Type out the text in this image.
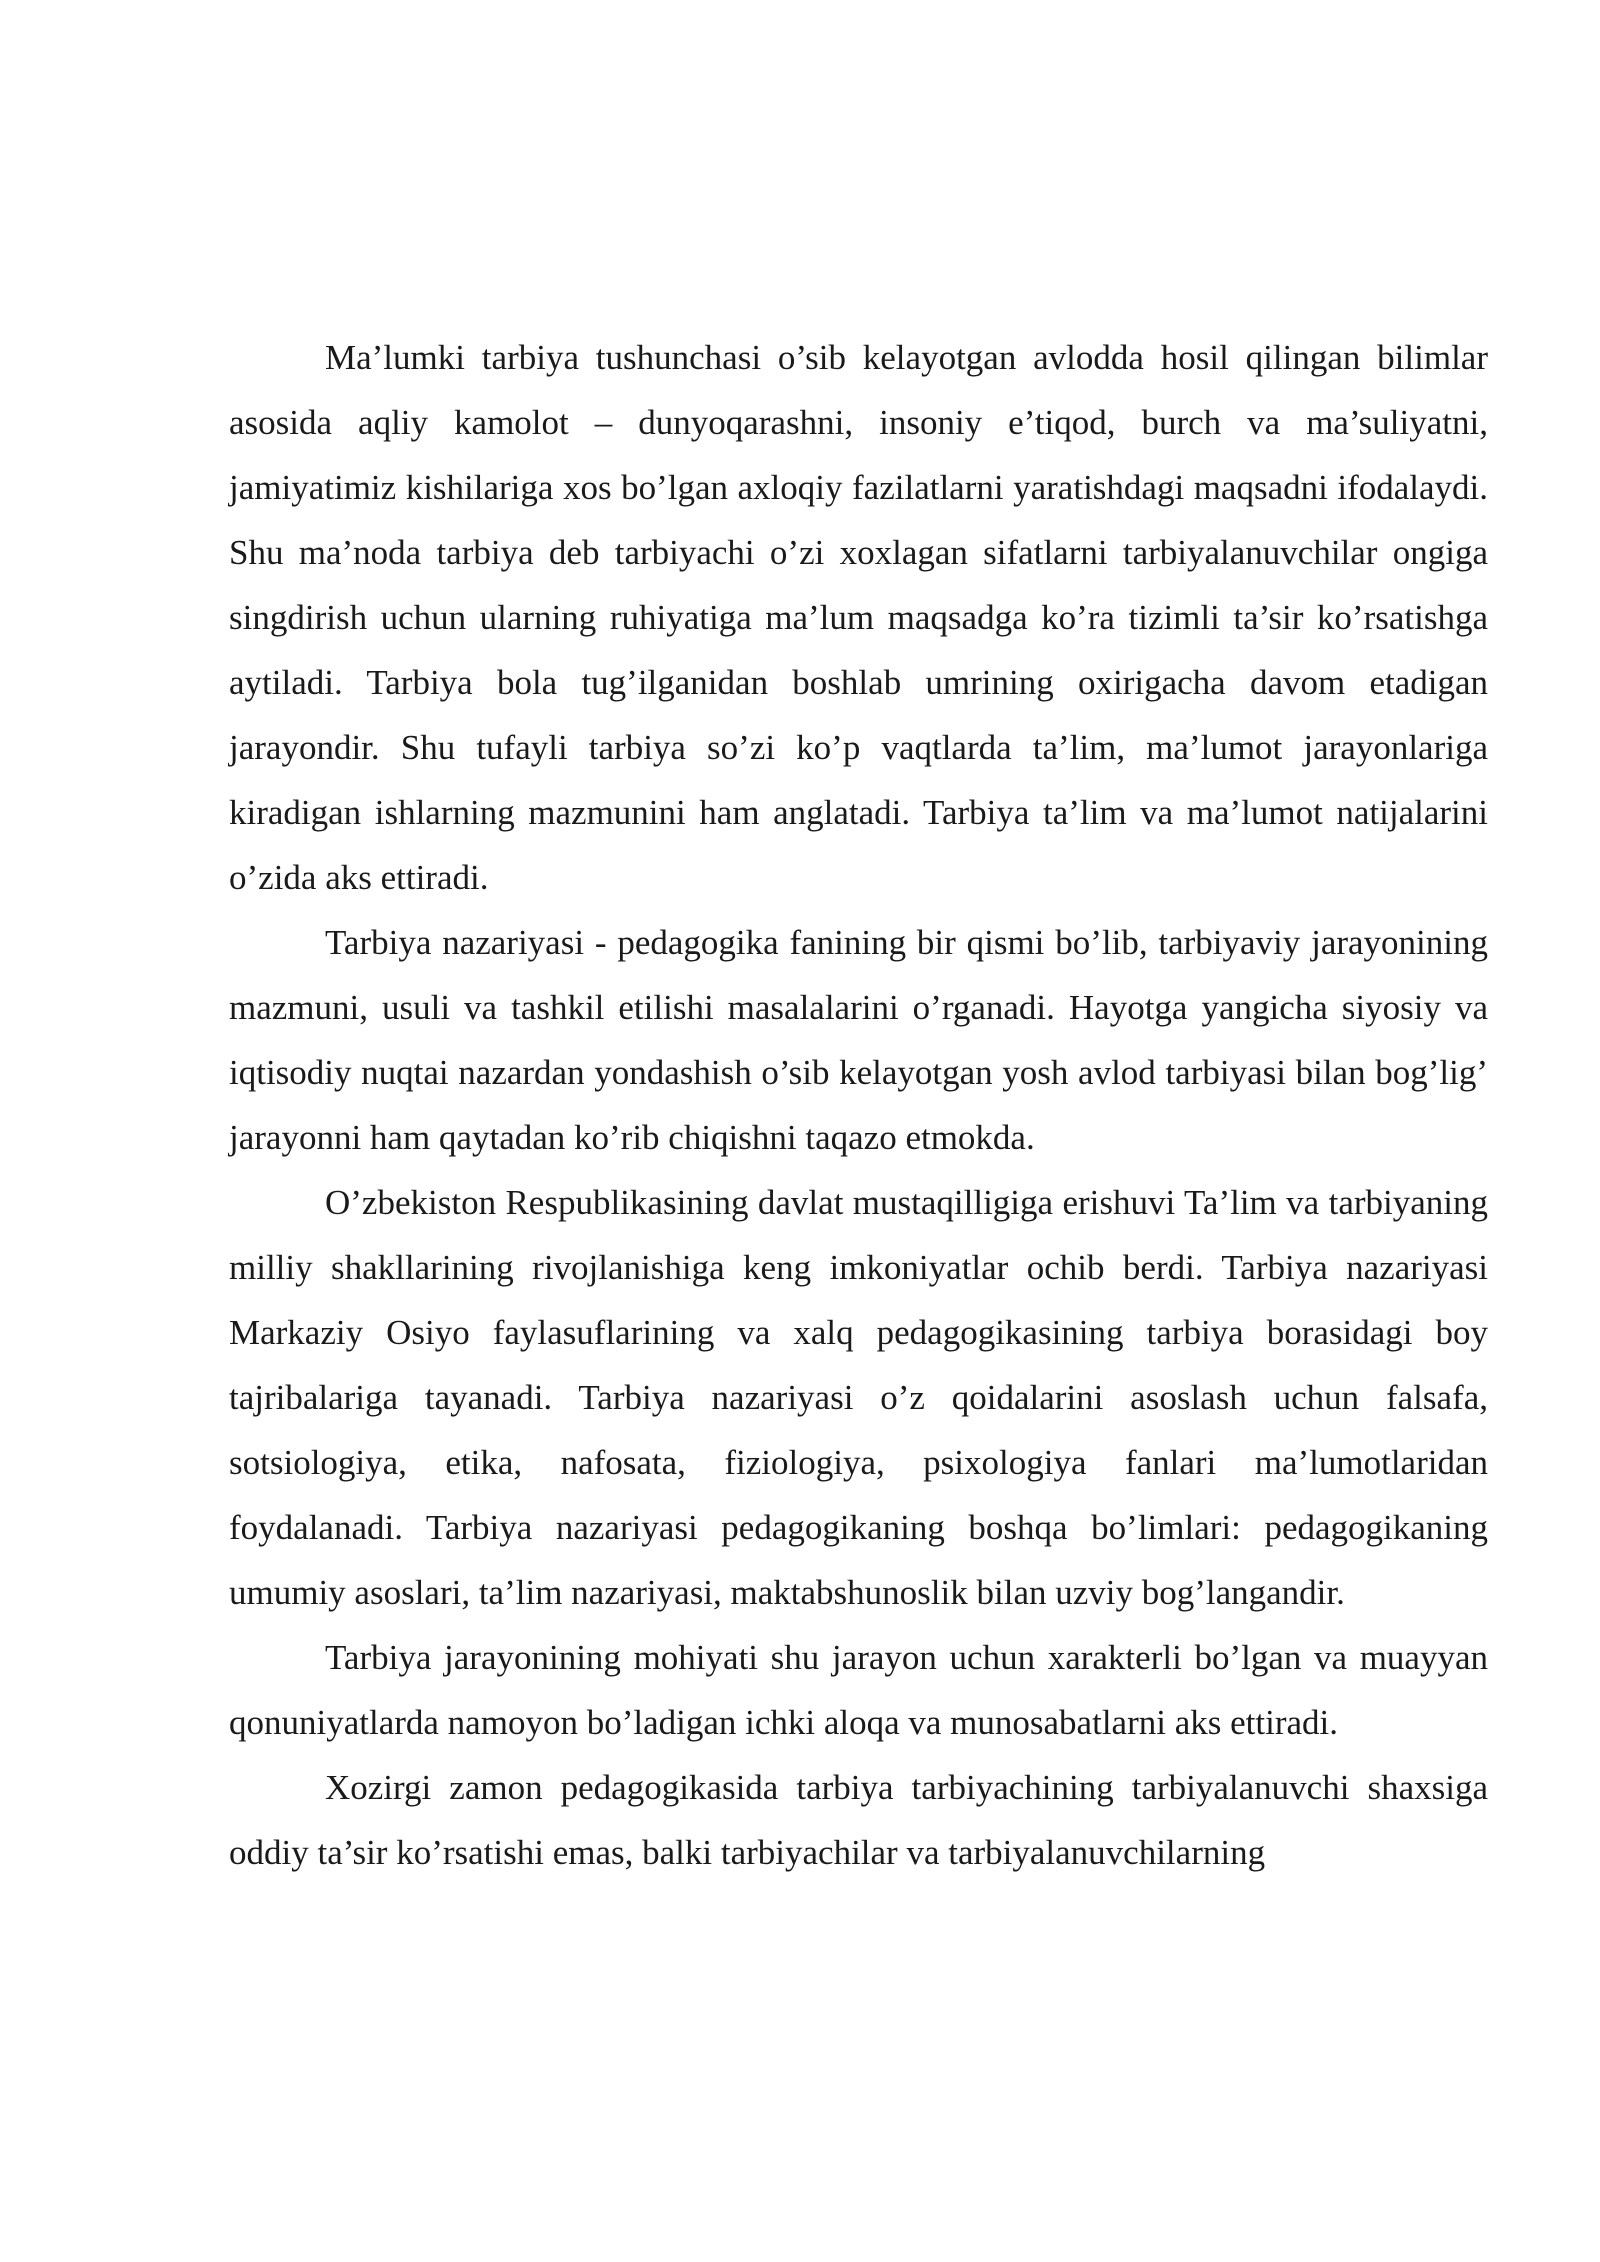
Ma’lumki tarbiya tushunchasi o’sib kelayotgan avlodda hosil qilingan bilimlar asosida aqliy kamolot – dunyoqarashni, insoniy e’tiqod, burch va ma’suliyatni, jamiyatimiz kishilariga xos bo’lgan axloqiy fazilatlarni yaratishdagi maqsadni ifodalaydi. Shu ma’noda tarbiya deb tarbiyachi o’zi xoxlagan sifatlarni tarbiyalanuvchilar ongiga singdirish uchun ularning ruhiyatiga ma’lum maqsadga ko’ra tizimli ta’sir ko’rsatishga aytiladi. Tarbiya bola tug’ilganidan boshlab umrining oxirigacha davom etadigan jarayondir. Shu tufayli tarbiya so’zi ko’p vaqtlarda ta’lim, ma’lumot jarayonlariga kiradigan ishlarning mazmunini ham anglatadi. Tarbiya ta’lim va ma’lumot natijalarini o’zida aks ettiradi.

Tarbiya nazariyasi - pedagogika fanining bir qismi bo’lib, tarbiyaviy jarayonining mazmuni, usuli va tashkil etilishi masalalarini o’rganadi. Hayotga yangicha siyosiy va iqtisodiy nuqtai nazardan yondashish o’sib kelayotgan yosh avlod tarbiyasi bilan bog’lig’ jarayonni ham qaytadan ko’rib chiqishni taqazo etmokda.

O’zbekiston Respublikasining davlat mustaqilligiga erishuvi Ta’lim va tarbiyaning milliy shakllarining rivojlanishiga keng imkoniyatlar ochib berdi. Tarbiya nazariyasi Markaziy Osiyo faylasuflarining va xalq pedagogikasining tarbiya borasidagi boy tajribalariga tayanadi. Tarbiya nazariyasi o’z qoidalarini asoslash uchun falsafa, sotsiologiya, etika, nafosata, fiziologiya, psixologiya fanlari ma’lumotlaridan foydalanadi. Tarbiya nazariyasi pedagogikaning boshqa bo’limlari: pedagogikaning umumiy asoslari, ta’lim nazariyasi, maktabshunoslik bilan uzviy bog’langandir.

Tarbiya jarayonining mohiyati shu jarayon uchun xarakterli bo’lgan va muayyan qonuniyatlarda namoyon bo’ladigan ichki aloqa va munosabatlarni aks ettiradi.

Xozirgi zamon pedagogikasida tarbiya tarbiyachining tarbiyalanuvchi shaxsiga oddiy ta’sir ko’rsatishi emas, balki tarbiyachilar va tarbiyalanuvchilarning
